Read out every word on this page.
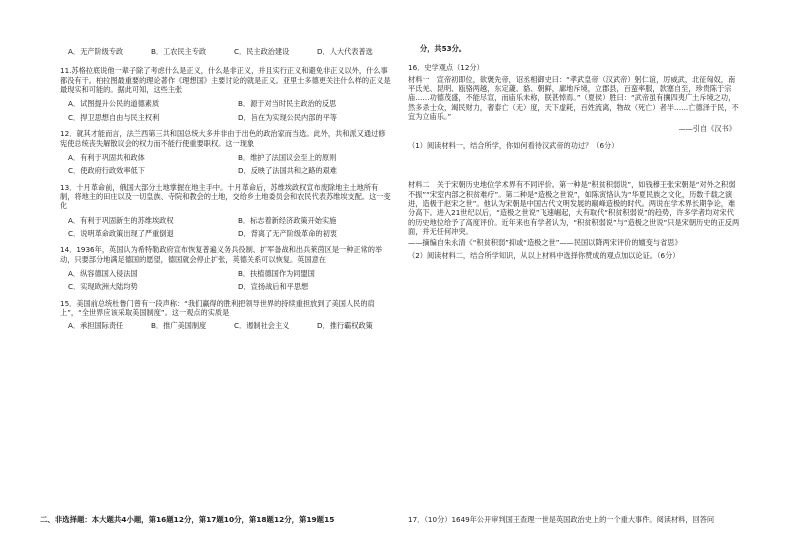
A．无产阶级专政	B．工农民主专政	C．民主政治建设	D．人大代表普选

11.苏格拉底说他一辈子除了考虑什么是正义，什么是非正义，并且实行正义和避免非正义以外，什么事都没有干。柏拉图最重要的理论著作《理想国》主要讨论的就是正义。亚里士多德更关注什么样的正义是最现实和可能的。据此可知，这些主张

A．试图提升公民的道德素质	B．源于对当时民主政治的反思
C．捍卫思想自由与民主权利	D．旨在为实现公民内部的平等

12．就其才能而言，法兰西第三共和国总统大多并非由于出色的政治家而当选。此外，共和派又通过修宪使总统丧失解散议会的权力而不能行使重要职权。这一现象

A．有利于巩固共和政体	B．维护了法国议会至上的原则
C．使政府行政效率低下	D．反映了法国共和之路的艰难

13．十月革命前，俄国大部分土地掌握在地主手中。十月革命后，苏维埃政权宣布废除地主土地所有制，将地主的田庄以及一切皇族、寺院和教会的土地，交给乡土地委员会和农民代表苏维埃支配。这一变化

A．有利于巩固新生的苏维埃政权	B．标志着新经济政策开始实施
C．说明革命政策出现了严重倒退	D．背离了无产阶级革命的初衷

14．1936年，英国认为希特勒政府宣布恢复普遍义务兵役制、扩军备战和出兵莱茵区是一种正常的举动，只要部分地满足德国的愿望，德国就会停止扩张，英德关系可以恢复。英国意在

A．纵容德国入侵法国	B．扶植德国作为同盟国
C．实现欧洲大陆均势	D．宣扬战后和平思想

15．美国前总统杜鲁门曾有一段声称：“我们赢得的胜利把领导世界的持续重担放到了美国人民的肩上”，“全世界应该采取美国制度”。这一观点的实质是

A．承担国际责任	B．推广美国制度	C．遏制社会主义	D．推行霸权政策
二、非选择题：本大题共4小题，第16题12分，第17题10分，第18题12分，第19题15
分，共53分。

16．史学观点（12分）

材料一　宣帝初即位，欲褒先帝，诏丞相御史曰：“孝武皇帝（汉武帝）躬仁谊，厉威武，北征匈奴，南平氐羌、昆明、瓯骆两越，东定薉、貉、朝鲜，廓地斥境，立郡县，百蛮率服，款塞自至，珍贵陈于宗庙……功德茂盛，不能尽宣，而庙乐未称，朕甚悼焉。”（夏侯）胜曰：“武帝虽有攘四夷广土斥境之功，然多杀士众，竭民财力，奢泰亡（无）度，天下虚耗，百姓流离，物故（死亡）者半……亡德泽于民，不宜为立庙乐。”

——引自《汉书》

（1）阅读材料一，结合所学，你如何看待汉武帝的功过？（6分）

材料二　关于宋朝历史地位学术界有不同评价。第一种是“积贫积弱说”，如钱穆王张宋朝是“对外之积弱不振”“宋室内部之积贫难疗”。第二种是“造极之世说”，如陈寅恪认为“华夏民族之文化，历数千载之演进，造极于赵宋之世”。他认为宋朝是中国古代文明发展的巅峰造极的时代。两说在学术界长期争论，难分高下。进入21世纪以后，“造极之世说”飞速崛起，大有取代“积贫积弱说”的趋势，许多学者均对宋代的历史地位给予了高度评价。近年来也有学者认为，“积贫积弱说”与“造极之世说”只是宋朝历史的正反两面，并无任何冲突。

——摘编自朱永清《“积贫积弱”抑或“造极之世”——民国以降两宋评价的嬗变与省思》

（2）阅读材料二，结合所学知识，从以上材料中选择你赞成的观点加以论证。（6分）

17．（10分）1649年公开审判国王查理一世是英国政治史上的一个重大事件。阅读材料，回答问
